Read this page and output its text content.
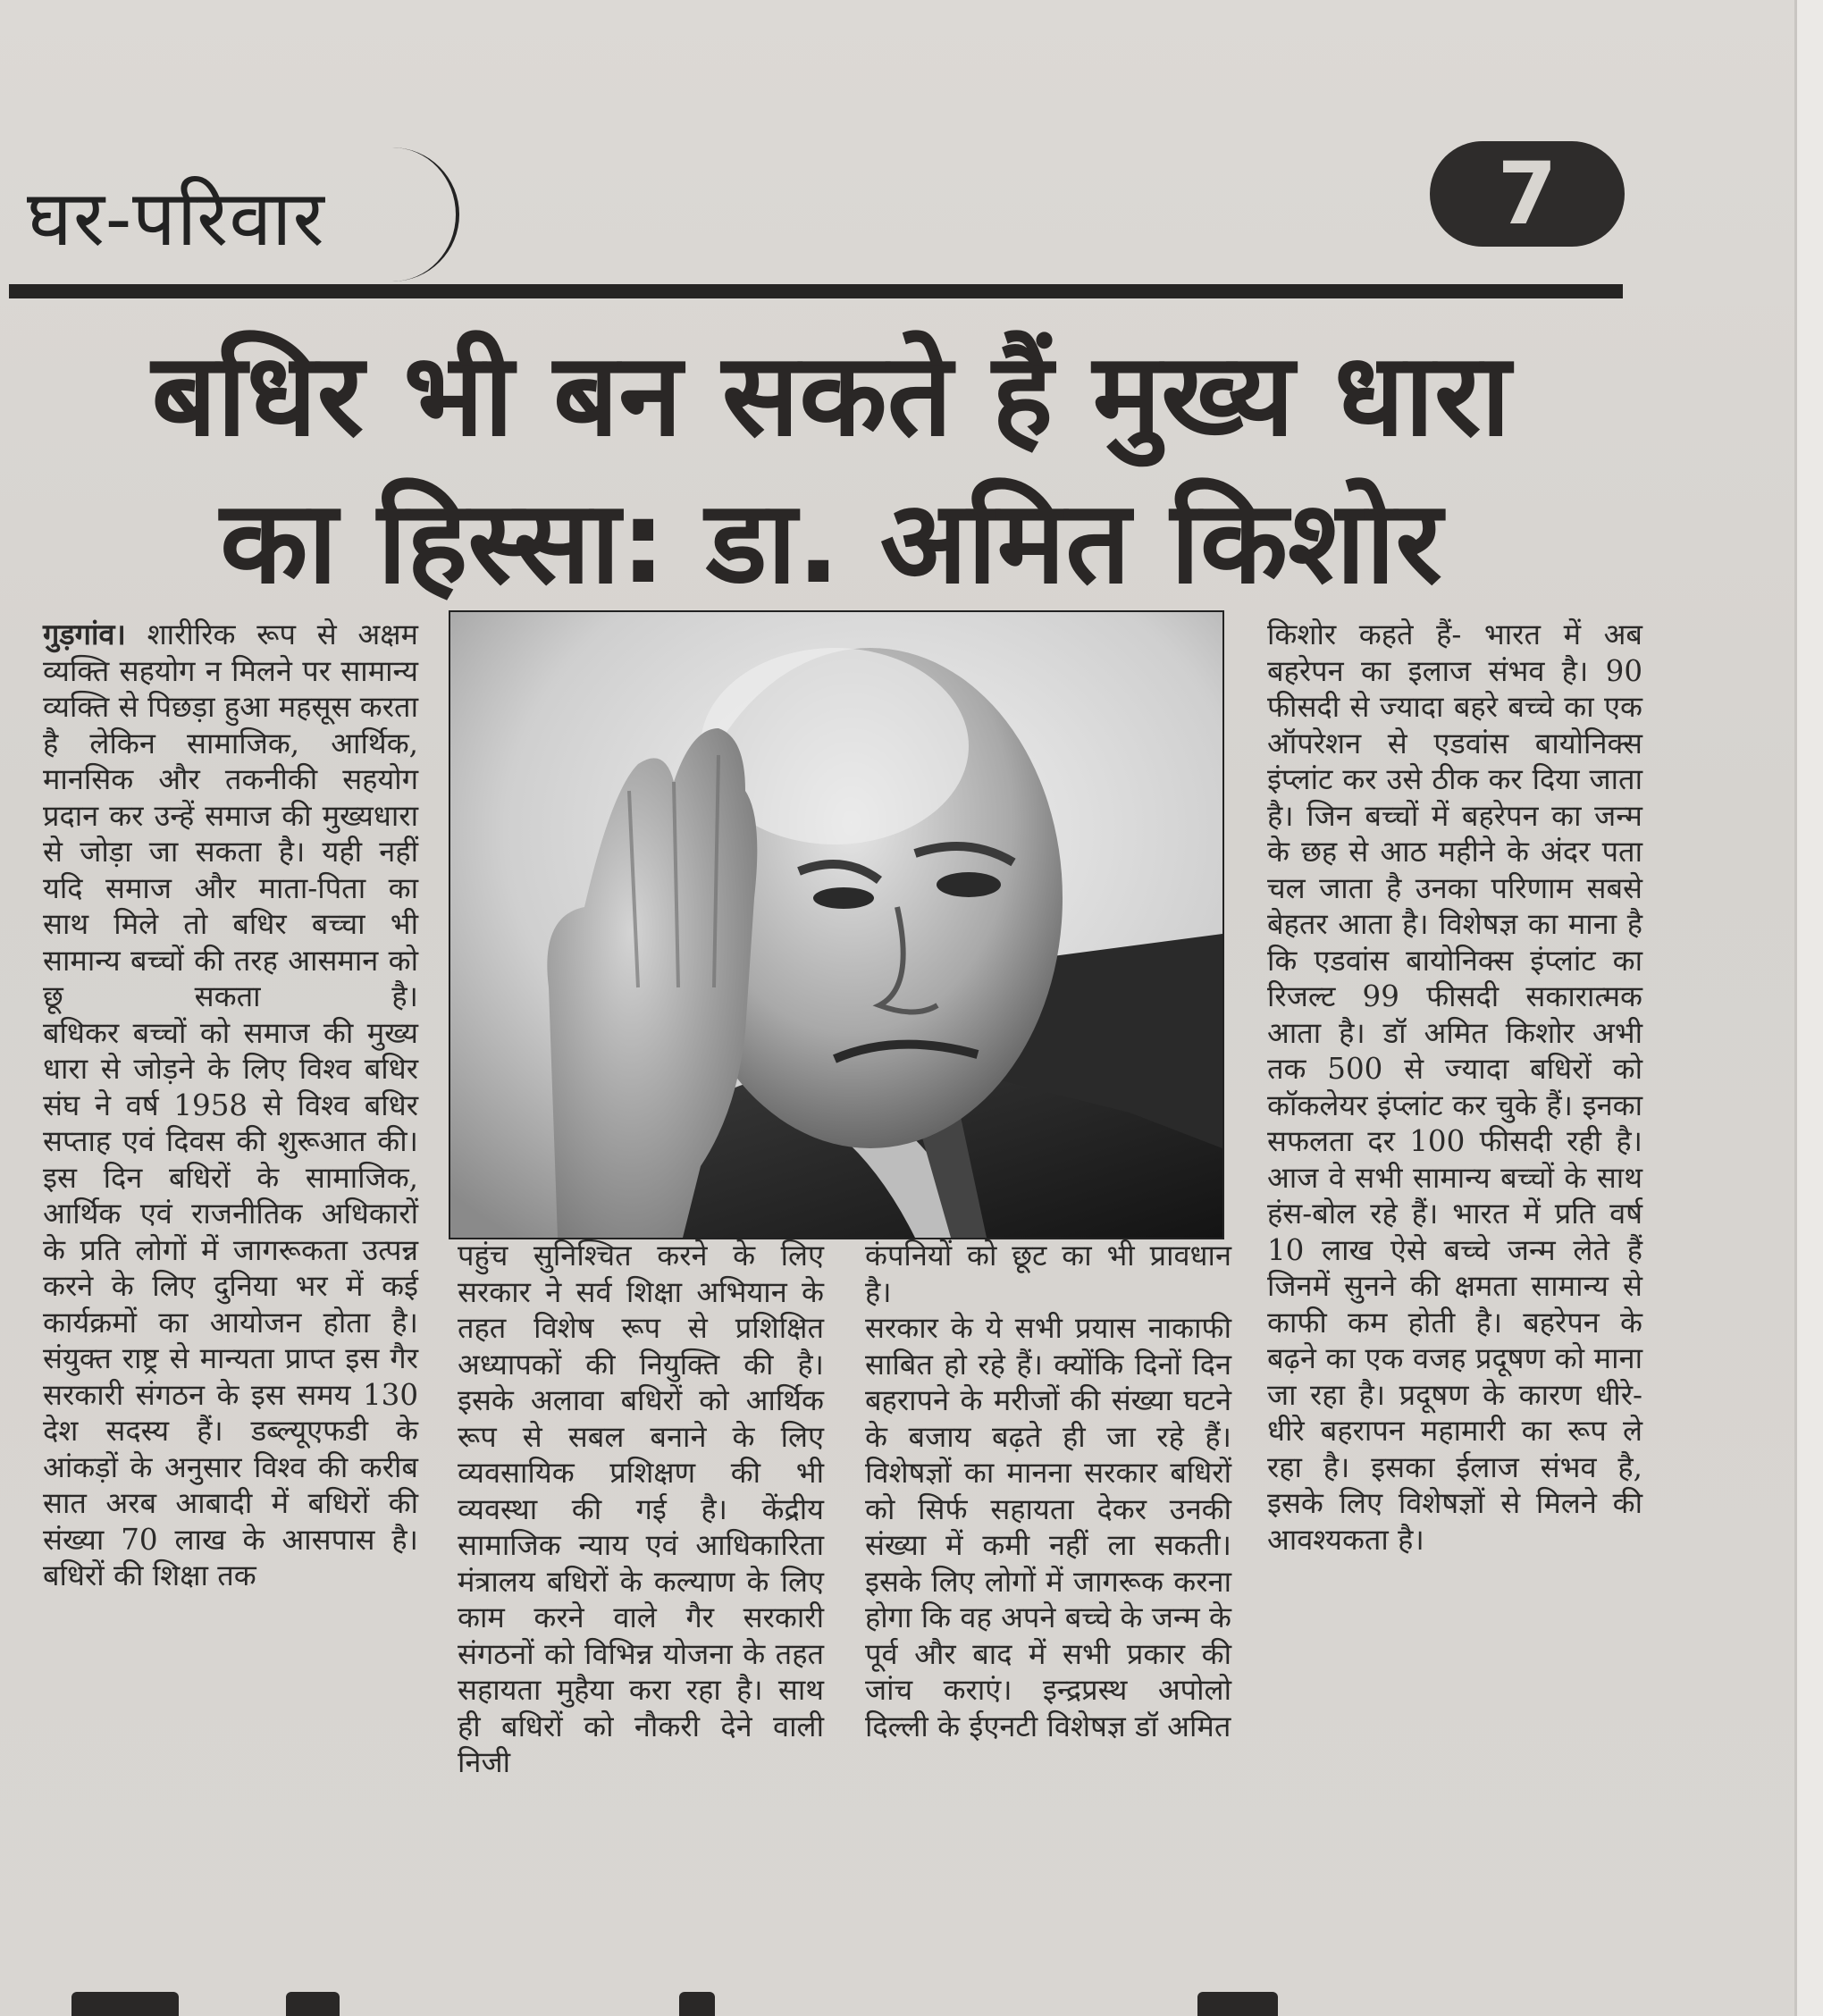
घर-परिवार	7
बधिर भी बन सकते हैं मुख्य धारा
का हिस्सा: डा. अमित किशोर

गुड़गांव। शारीरिक रूप से अक्षम व्यक्ति सहयोग न मिलने पर सामान्य व्यक्ति से पिछड़ा हुआ महसूस करता है लेकिन सामाजिक, आर्थिक, मानसिक और तकनीकी सहयोग प्रदान कर उन्हें समाज की मुख्यधारा से जोड़ा जा सकता है। यही नहीं यदि समाज और माता-पिता का साथ मिले तो बधिर बच्चा भी सामान्य बच्चों की तरह आसमान को छू सकता है।

बधिकर बच्चों को समाज की मुख्य धारा से जोड़ने के लिए विश्व बधिर संघ ने वर्ष 1958 से विश्व बधिर सप्ताह एवं दिवस की शुरूआत की। इस दिन बधिरों के सामाजिक, आर्थिक एवं राजनीतिक अधिकारों के प्रति लोगों में जागरूकता उत्पन्न करने के लिए दुनिया भर में कई कार्यक्रमों का आयोजन होता है। संयुक्त राष्ट्र से मान्यता प्राप्त इस गैर सरकारी संगठन के इस समय 130 देश सदस्य हैं। डब्ल्यूएफडी के आंकड़ों के अनुसार विश्व की करीब सात अरब आबादी में बधिरों की संख्या 70 लाख के आसपास है। बधिरों की शिक्षा तक

पहुंच सुनिश्चित करने के लिए सरकार ने सर्व शिक्षा अभियान के तहत विशेष रूप से प्रशिक्षित अध्यापकों की नियुक्ति की है। इसके अलावा बधिरों को आर्थिक रूप से सबल बनाने के लिए व्यवसायिक प्रशिक्षण की भी व्यवस्था की गई है। केंद्रीय सामाजिक न्याय एवं आधिकारिता मंत्रालय बधिरों के कल्याण के लिए काम करने वाले गैर सरकारी संगठनों को विभिन्न योजना के तहत सहायता मुहैया करा रहा है। साथ ही बधिरों को नौकरी देने वाली निजी

कंपनियों को छूट का भी प्रावधान है।

सरकार के ये सभी प्रयास नाकाफी साबित हो रहे हैं। क्योंकि दिनों दिन बहरापने के मरीजों की संख्या घटने के बजाय बढ़ते ही जा रहे हैं। विशेषज्ञों का मानना सरकार बधिरों को सिर्फ सहायता देकर उनकी संख्या में कमी नहीं ला सकती। इसके लिए लोगों में जागरूक करना होगा कि वह अपने बच्चे के जन्म के पूर्व और बाद में सभी प्रकार की जांच कराएं। इन्द्रप्रस्थ अपोलो दिल्ली के ईएनटी विशेषज्ञ डॉ अमित

किशोर कहते हैं- भारत में अब बहरेपन का इलाज संभव है। 90 फीसदी से ज्यादा बहरे बच्चे का एक ऑपरेशन से एडवांस बायोनिक्स इंप्लांट कर उसे ठीक कर दिया जाता है। जिन बच्चों में बहरेपन का जन्म के छह से आठ महीने के अंदर पता चल जाता है उनका परिणाम सबसे बेहतर आता है। विशेषज्ञ का माना है कि एडवांस बायोनिक्स इंप्लांट का रिजल्ट 99 फीसदी सकारात्मक आता है। डॉ अमित किशोर अभी तक 500 से ज्यादा बधिरों को कॉकलेयर इंप्लांट कर चुके हैं। इनका सफलता दर 100 फीसदी रही है। आज वे सभी सामान्य बच्चों के साथ हंस-बोल रहे हैं। भारत में प्रति वर्ष 10 लाख ऐसे बच्चे जन्म लेते हैं जिनमें सुनने की क्षमता सामान्य से काफी कम होती है। बहरेपन के बढ़ने का एक वजह प्रदूषण को माना जा रहा है। प्रदूषण के कारण धीरे-धीरे बहरापन महामारी का रूप ले रहा है। इसका ईलाज संभव है, इसके लिए विशेषज्ञों से मिलने की आवश्यकता है।
